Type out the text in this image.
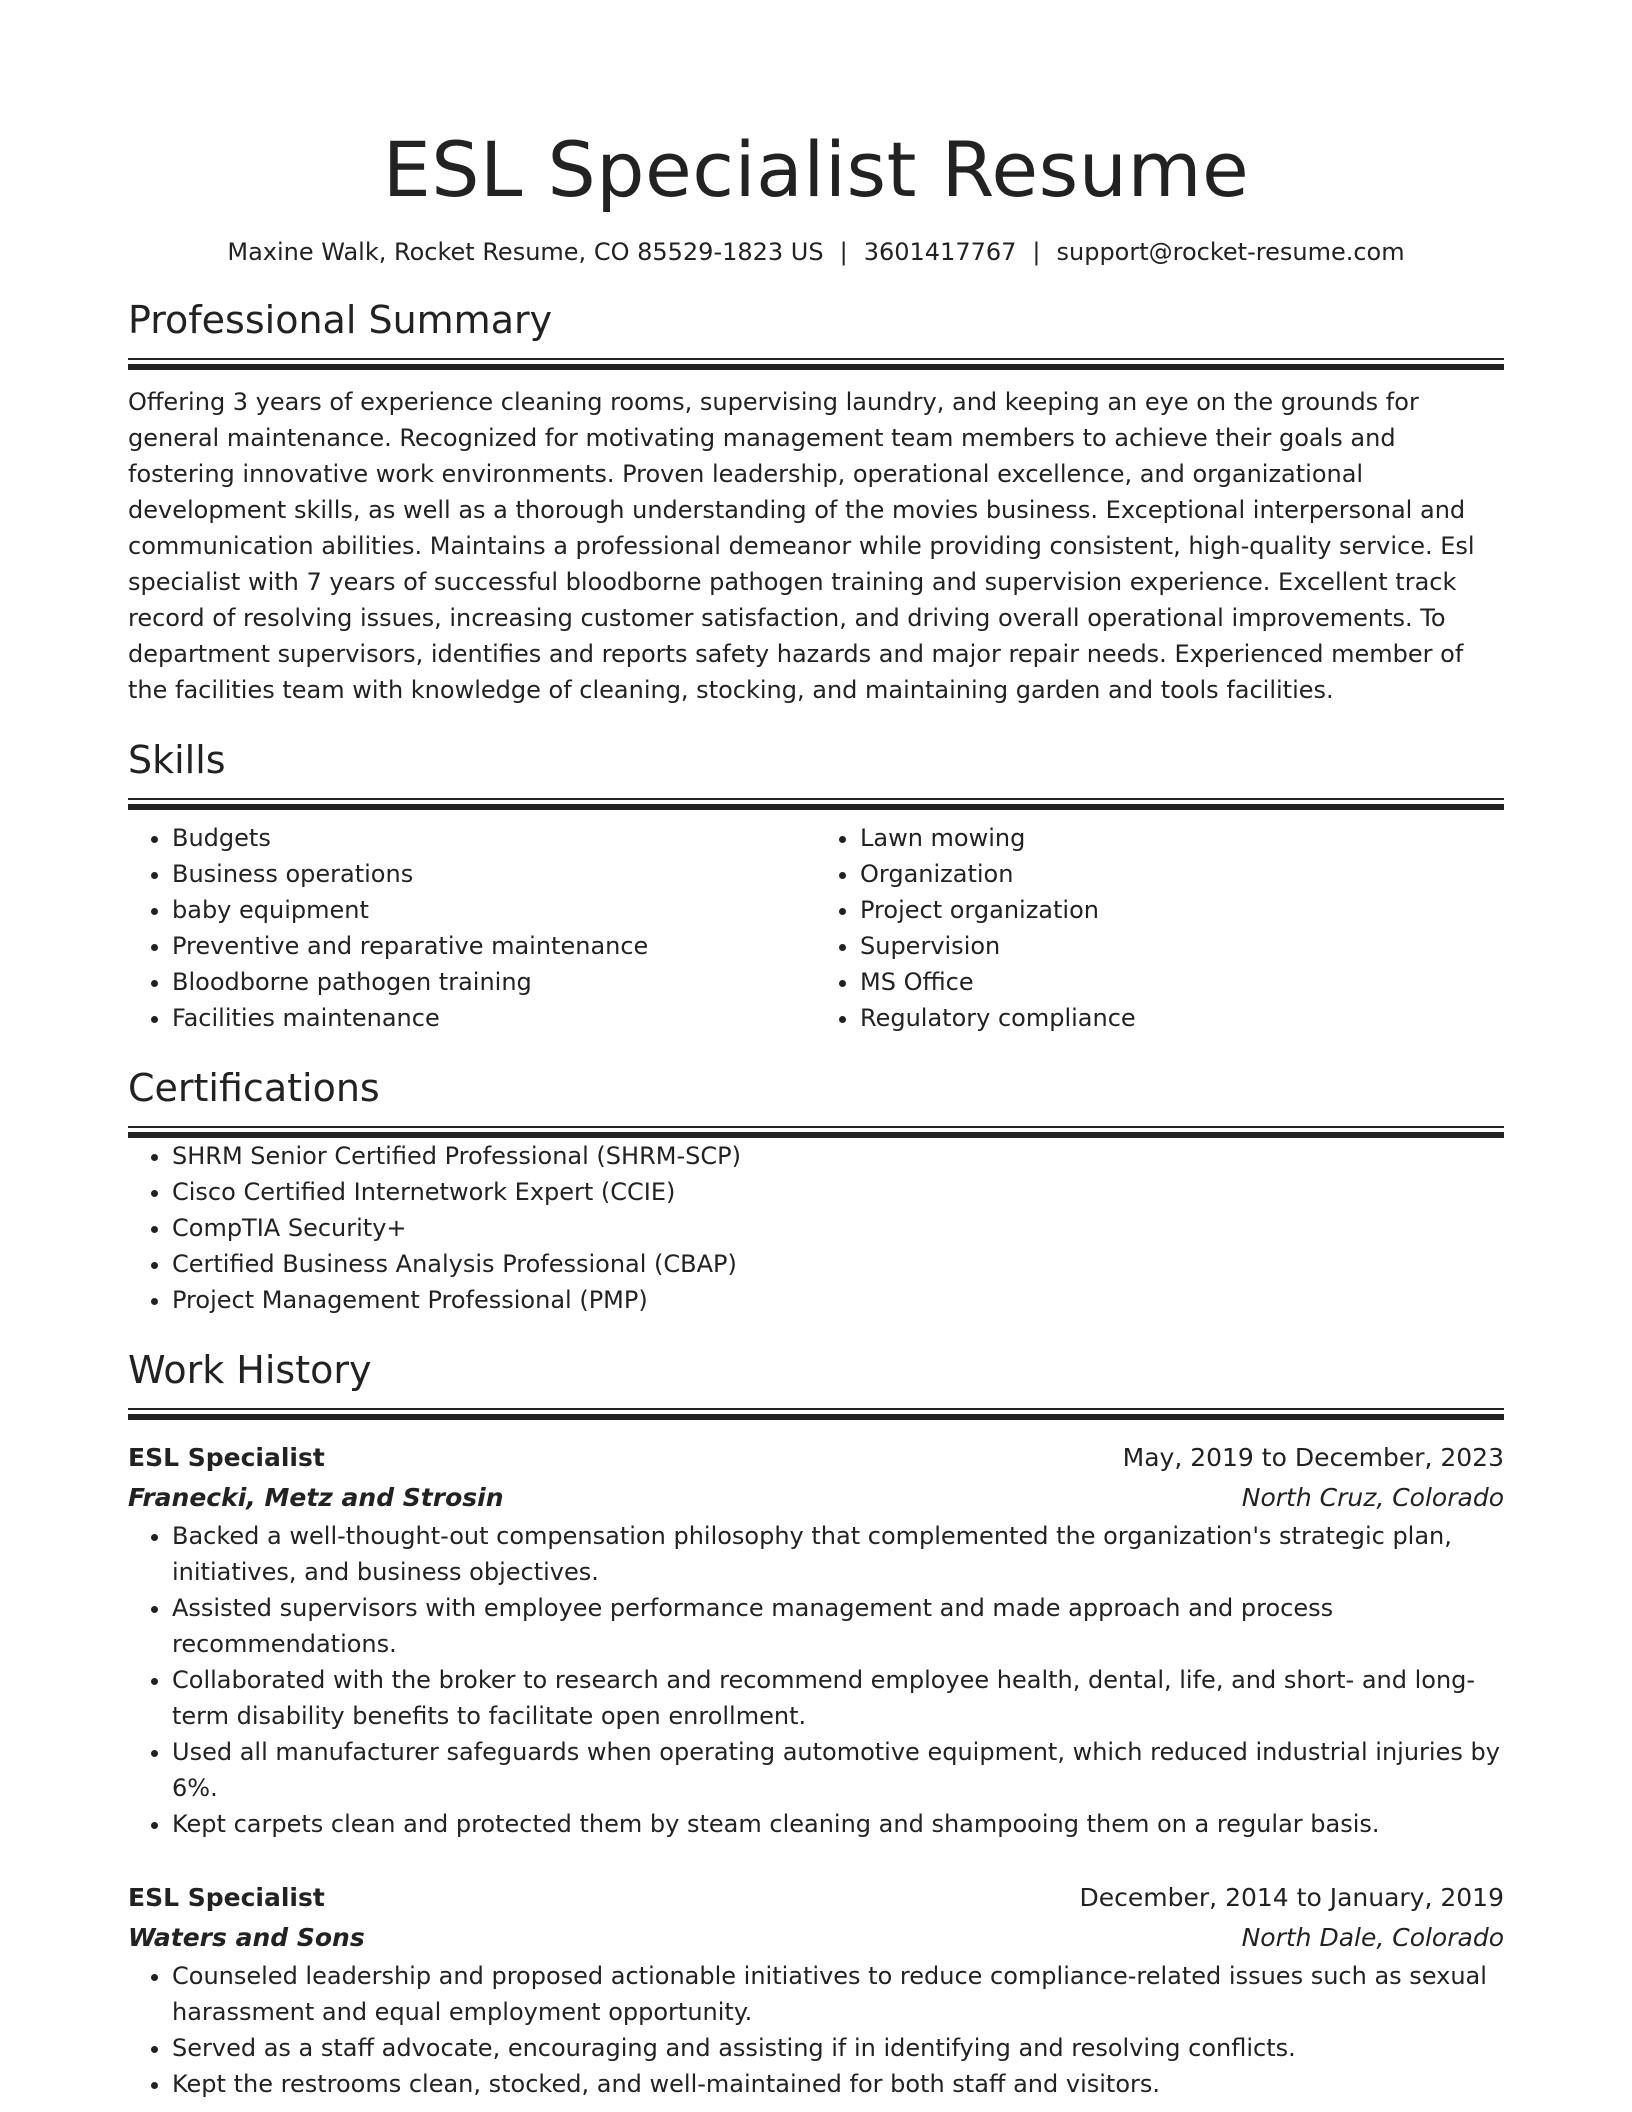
ESL Specialist Resume
Maxine Walk, Rocket Resume, CO 85529-1823 US | 3601417767 | support@rocket-resume.com
Professional Summary

Offering 3 years of experience cleaning rooms, supervising laundry, and keeping an eye on the grounds for general maintenance. Recognized for motivating management team members to achieve their goals and fostering innovative work environments. Proven leadership, operational excellence, and organizational development skills, as well as a thorough understanding of the movies business. Exceptional interpersonal and communication abilities. Maintains a professional demeanor while providing consistent, high-quality service. Esl specialist with 7 years of successful bloodborne pathogen training and supervision experience. Excellent track record of resolving issues, increasing customer satisfaction, and driving overall operational improvements. To department supervisors, identifies and reports safety hazards and major repair needs. Experienced member of the facilities team with knowledge of cleaning, stocking, and maintaining garden and tools facilities.

Skills
• Budgets
• Business operations
• baby equipment
• Preventive and reparative maintenance
• Bloodborne pathogen training
• Facilities maintenance
• Lawn mowing
• Organization
• Project organization
• Supervision
• MS Office
• Regulatory compliance
Certifications
• SHRM Senior Certified Professional (SHRM-SCP)
• Cisco Certified Internetwork Expert (CCIE)
• CompTIA Security+
• Certified Business Analysis Professional (CBAP)
• Project Management Professional (PMP)
Work History
ESL Specialist	May, 2019 to December, 2023
Franecki, Metz and Strosin	North Cruz, Colorado
• Backed a well-thought-out compensation philosophy that complemented the organization's strategic plan, initiatives, and business objectives.
• Assisted supervisors with employee performance management and made approach and process recommendations.
• Collaborated with the broker to research and recommend employee health, dental, life, and short- and long-term disability benefits to facilitate open enrollment.
• Used all manufacturer safeguards when operating automotive equipment, which reduced industrial injuries by 6%.
• Kept carpets clean and protected them by steam cleaning and shampooing them on a regular basis.
ESL Specialist	December, 2014 to January, 2019
Waters and Sons	North Dale, Colorado
• Counseled leadership and proposed actionable initiatives to reduce compliance-related issues such as sexual harassment and equal employment opportunity.
• Served as a staff advocate, encouraging and assisting if in identifying and resolving conflicts.
• Kept the restrooms clean, stocked, and well-maintained for both staff and visitors.
